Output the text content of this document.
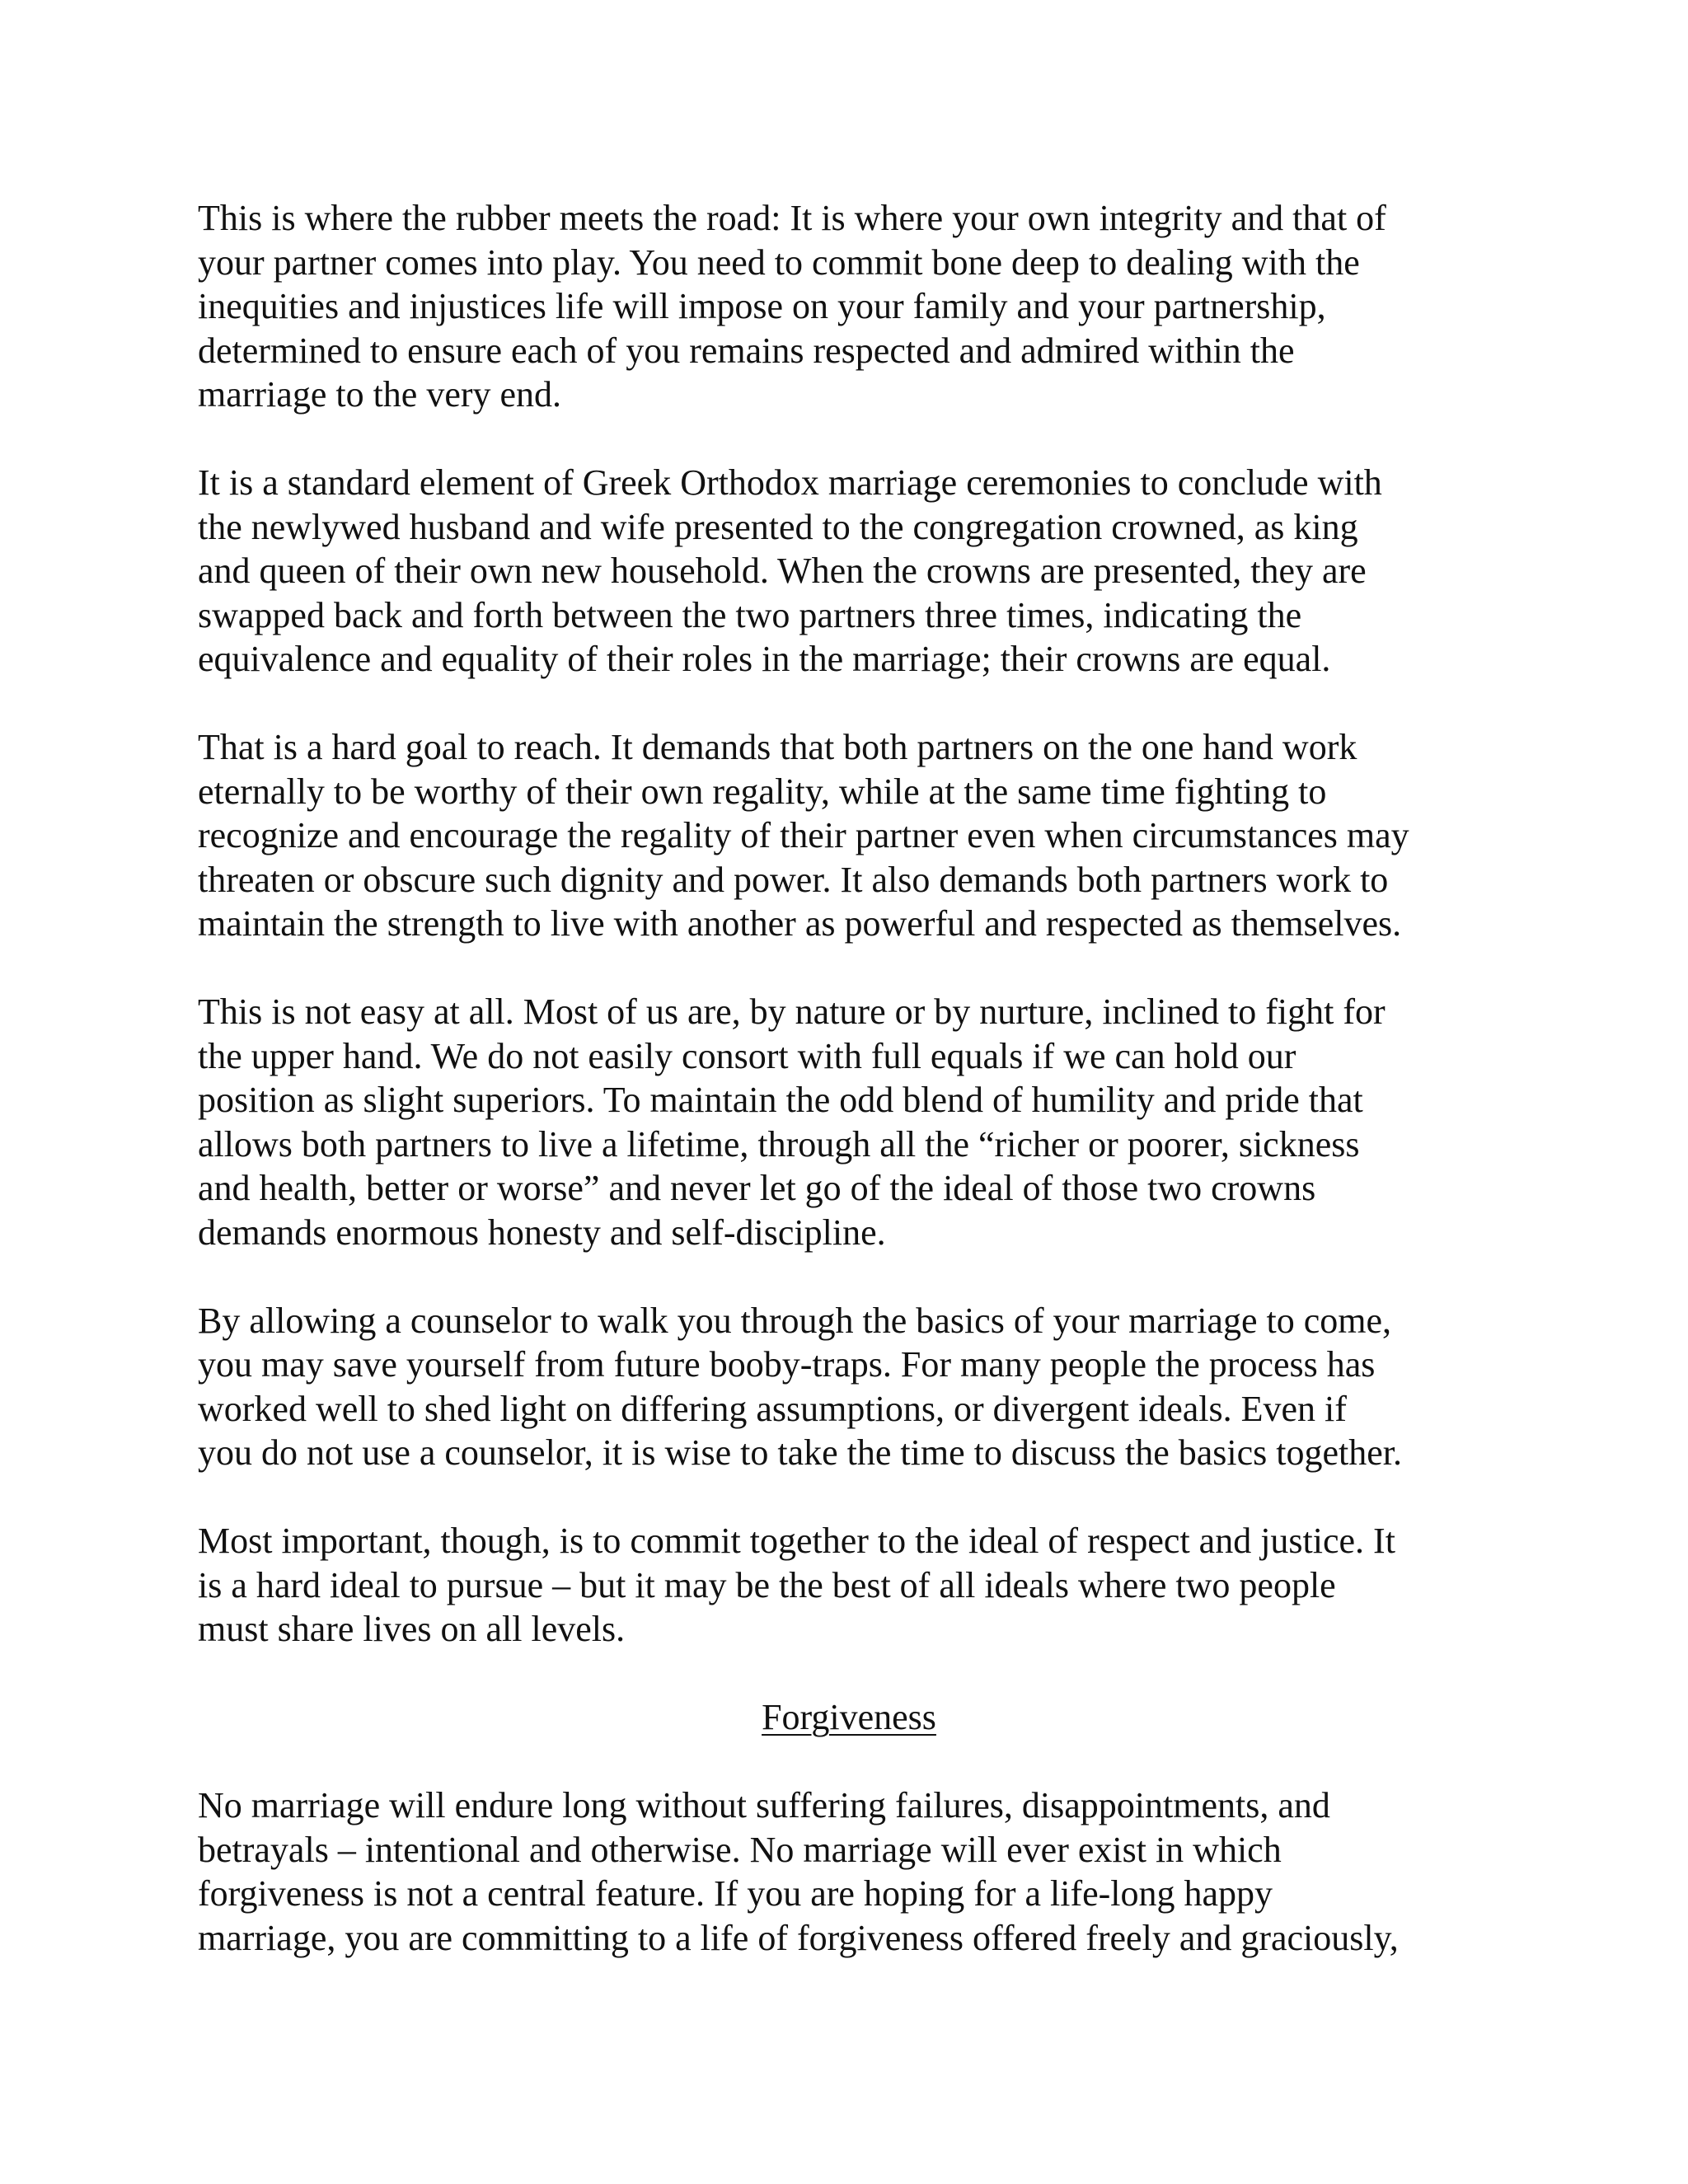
This is where the rubber meets the road: It is where your own integrity and that of
your partner comes into play. You need to commit bone deep to dealing with the
inequities and injustices life will impose on your family and your partnership,
determined to ensure each of you remains respected and admired within the
marriage to the very end.

It is a standard element of Greek Orthodox marriage ceremonies to conclude with
the newlywed husband and wife presented to the congregation crowned, as king
and queen of their own new household. When the crowns are presented, they are
swapped back and forth between the two partners three times, indicating the
equivalence and equality of their roles in the marriage; their crowns are equal.

That is a hard goal to reach. It demands that both partners on the one hand work
eternally to be worthy of their own regality, while at the same time fighting to
recognize and encourage the regality of their partner even when circumstances may
threaten or obscure such dignity and power. It also demands both partners work to
maintain the strength to live with another as powerful and respected as themselves.

This is not easy at all. Most of us are, by nature or by nurture, inclined to fight for
the upper hand. We do not easily consort with full equals if we can hold our
position as slight superiors. To maintain the odd blend of humility and pride that
allows both partners to live a lifetime, through all the “richer or poorer, sickness
and health, better or worse” and never let go of the ideal of those two crowns
demands enormous honesty and self-discipline.

By allowing a counselor to walk you through the basics of your marriage to come,
you may save yourself from future booby-traps. For many people the process has
worked well to shed light on differing assumptions, or divergent ideals. Even if
you do not use a counselor, it is wise to take the time to discuss the basics together.

Most important, though, is to commit together to the ideal of respect and justice. It
is a hard ideal to pursue – but it may be the best of all ideals where two people
must share lives on all levels.

Forgiveness

No marriage will endure long without suffering failures, disappointments, and
betrayals – intentional and otherwise. No marriage will ever exist in which
forgiveness is not a central feature. If you are hoping for a life-long happy
marriage, you are committing to a life of forgiveness offered freely and graciously,
